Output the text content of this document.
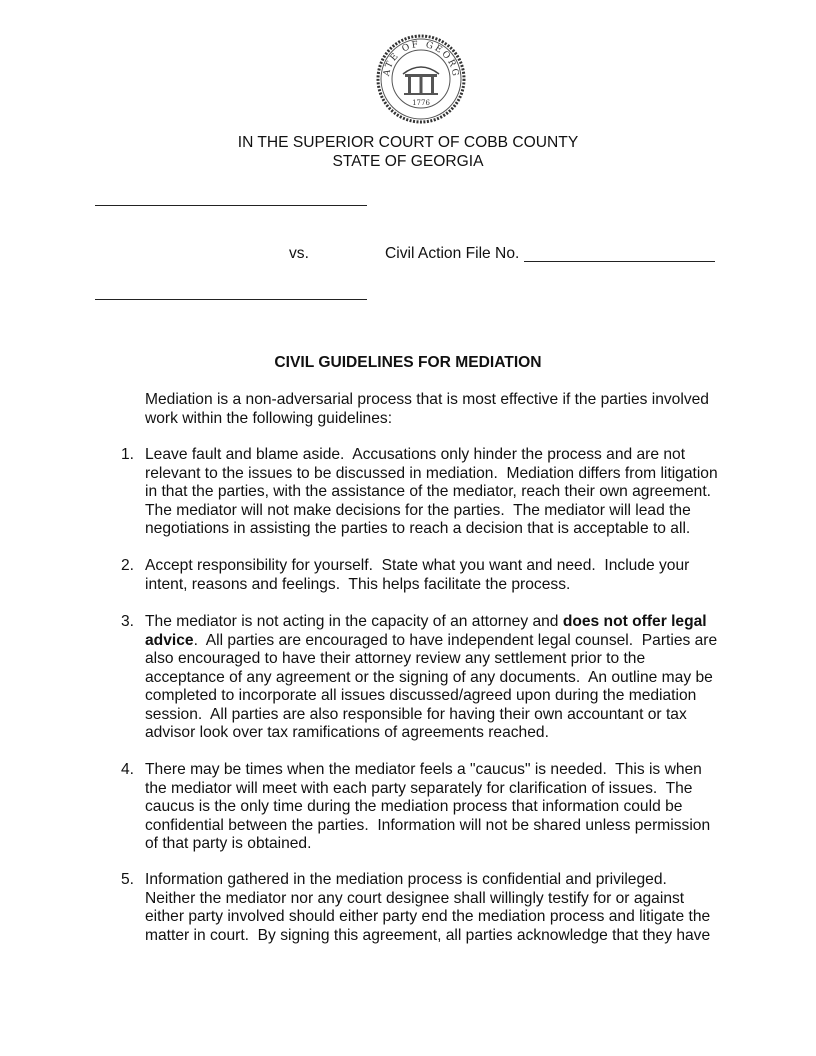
ATE OF GEORG
1776
IN THE SUPERIOR COURT OF COBB COUNTY
STATE OF GEORGIA
vs.	Civil Action File No.
CIVIL GUIDELINES FOR MEDIATION
Mediation is a non-adversarial process that is most effective if the parties involved
work within the following guidelines:
1. Leave fault and blame aside.  Accusations only hinder the process and are not
relevant to the issues to be discussed in mediation.  Mediation differs from litigation
in that the parties, with the assistance of the mediator, reach their own agreement.
The mediator will not make decisions for the parties.  The mediator will lead the
negotiations in assisting the parties to reach a decision that is acceptable to all.
2. Accept responsibility for yourself.  State what you want and need.  Include your
intent, reasons and feelings.  This helps facilitate the process.
3. The mediator is not acting in the capacity of an attorney and does not offer legal
advice.  All parties are encouraged to have independent legal counsel.  Parties are
also encouraged to have their attorney review any settlement prior to the
acceptance of any agreement or the signing of any documents.  An outline may be
completed to incorporate all issues discussed/agreed upon during the mediation
session.  All parties are also responsible for having their own accountant or tax
advisor look over tax ramifications of agreements reached.
4. There may be times when the mediator feels a "caucus" is needed.  This is when
the mediator will meet with each party separately for clarification of issues.  The
caucus is the only time during the mediation process that information could be
confidential between the parties.  Information will not be shared unless permission
of that party is obtained.
5. Information gathered in the mediation process is confidential and privileged.
Neither the mediator nor any court designee shall willingly testify for or against
either party involved should either party end the mediation process and litigate the
matter in court.  By signing this agreement, all parties acknowledge that they have
